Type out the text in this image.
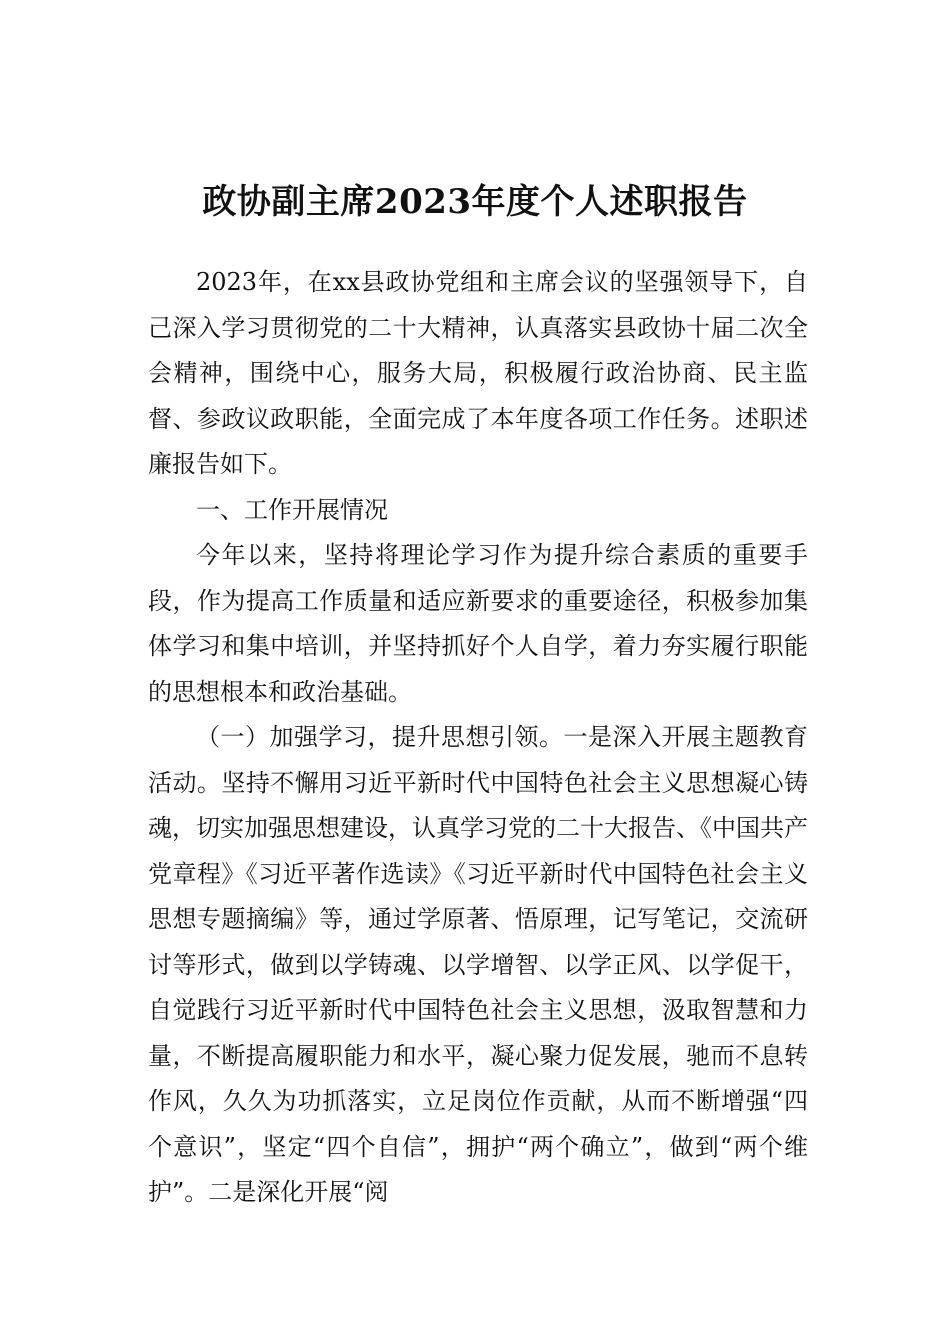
政协副主席2023年度个人述职报告

2023年，在xx县政协党组和主席会议的坚强领导下，自己深入学习贯彻党的二十大精神，认真落实县政协十届二次全会精神，围绕中心，服务大局，积极履行政治协商、民主监督、参政议政职能，全面完成了本年度各项工作任务。述职述廉报告如下。

一、工作开展情况

今年以来，坚持将理论学习作为提升综合素质的重要手段，作为提高工作质量和适应新要求的重要途径，积极参加集体学习和集中培训，并坚持抓好个人自学，着力夯实履行职能的思想根本和政治基础。

（一）加强学习，提升思想引领。一是深入开展主题教育活动。坚持不懈用习近平新时代中国特色社会主义思想凝心铸魂，切实加强思想建设，认真学习党的二十大报告、《中国共产党章程》《习近平著作选读》《习近平新时代中国特色社会主义思想专题摘编》等，通过学原著、悟原理，记写笔记，交流研讨等形式，做到以学铸魂、以学增智、以学正风、以学促干，自觉践行习近平新时代中国特色社会主义思想，汲取智慧和力量，不断提高履职能力和水平，凝心聚力促发展，驰而不息转作风，久久为功抓落实，立足岗位作贡献，从而不断增强“四个意识”，坚定“四个自信”，拥护“两个确立”，做到“两个维护”。二是深化开展“阅
